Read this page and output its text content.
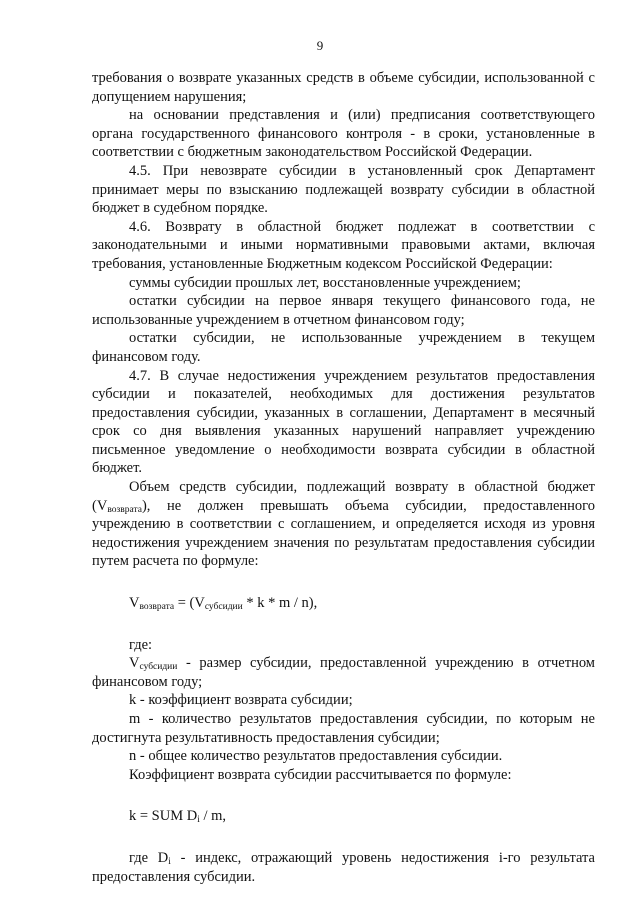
9

требования о возврате указанных средств в объеме субсидии, использованной с допущением нарушения;

на основании представления и (или) предписания соответствующего органа государственного финансового контроля - в сроки, установленные в соответствии с бюджетным законодательством Российской Федерации.

4.5. При невозврате субсидии в установленный срок Департамент принимает меры по взысканию подлежащей возврату субсидии в областной бюджет в судебном порядке.

4.6. Возврату в областной бюджет подлежат в соответствии с законодательными и иными нормативными правовыми актами, включая требования, установленные Бюджетным кодексом Российской Федерации:

суммы субсидии прошлых лет, восстановленные учреждением;

остатки субсидии на первое января текущего финансового года, не использованные учреждением в отчетном финансовом году;

остатки субсидии, не использованные учреждением в текущем финансовом году.

4.7. В случае недостижения учреждением результатов предоставления субсидии и показателей, необходимых для достижения результатов предоставления субсидии, указанных в соглашении, Департамент в месячный срок со дня выявления указанных нарушений направляет учреждению письменное уведомление о необходимости возврата субсидии в областной бюджет.

Объем средств субсидии, подлежащий возврату в областной бюджет $(V_{возврата})$, не должен превышать объема субсидии, предоставленного учреждению в соответствии с соглашением, и определяется исходя из уровня недостижения учреждением значения по результатам предоставления субсидии путем расчета по формуле:

$V_{возврата} = (V_{субсидии} * k * m / n)$,

где:

$V_{субсидии}$ - размер субсидии, предоставленной учреждению в отчетном финансовом году;

k - коэффициент возврата субсидии;

m - количество результатов предоставления субсидии, по которым не достигнута результативность предоставления субсидии;

n - общее количество результатов предоставления субсидии.

Коэффициент возврата субсидии рассчитывается по формуле:

k = SUM $D_i$ / m,

где $D_i$ - индекс, отражающий уровень недостижения i-го результата предоставления субсидии.
